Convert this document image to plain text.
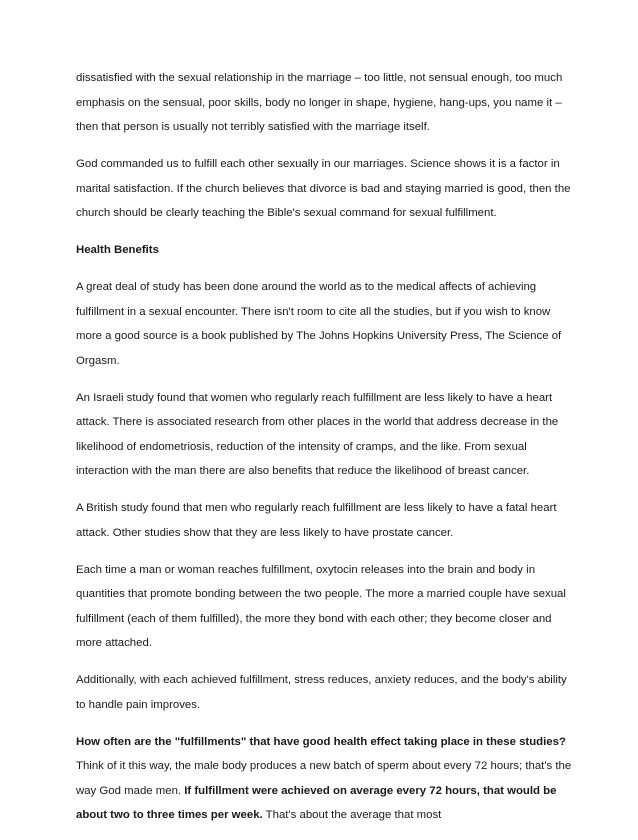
dissatisfied with the sexual relationship in the marriage – too little, not sensual enough, too much emphasis on the sensual, poor skills, body no longer in shape, hygiene, hang-ups, you name it – then that person is usually not terribly satisfied with the marriage itself.

God commanded us to fulfill each other sexually in our marriages. Science shows it is a factor in marital satisfaction. If the church believes that divorce is bad and staying married is good, then the church should be clearly teaching the Bible's sexual command for sexual fulfillment.

Health Benefits

A great deal of study has been done around the world as to the medical affects of achieving fulfillment in a sexual encounter. There isn't room to cite all the studies, but if you wish to know more a good source is a book published by The Johns Hopkins University Press, The Science of Orgasm.

An Israeli study found that women who regularly reach fulfillment are less likely to have a heart attack. There is associated research from other places in the world that address decrease in the likelihood of endometriosis, reduction of the intensity of cramps, and the like. From sexual interaction with the man there are also benefits that reduce the likelihood of breast cancer.

A British study found that men who regularly reach fulfillment are less likely to have a fatal heart attack. Other studies show that they are less likely to have prostate cancer.

Each time a man or woman reaches fulfillment, oxytocin releases into the brain and body in quantities that promote bonding between the two people. The more a married couple have sexual fulfillment (each of them fulfilled), the more they bond with each other; they become closer and more attached.

Additionally, with each achieved fulfillment, stress reduces, anxiety reduces, and the body's ability to handle pain improves.

How often are the "fulfillments" that have good health effect taking place in these studies? Think of it this way, the male body produces a new batch of sperm about every 72 hours; that's the way God made men. If fulfillment were achieved on average every 72 hours, that would be about two to three times per week. That's about the average that most
